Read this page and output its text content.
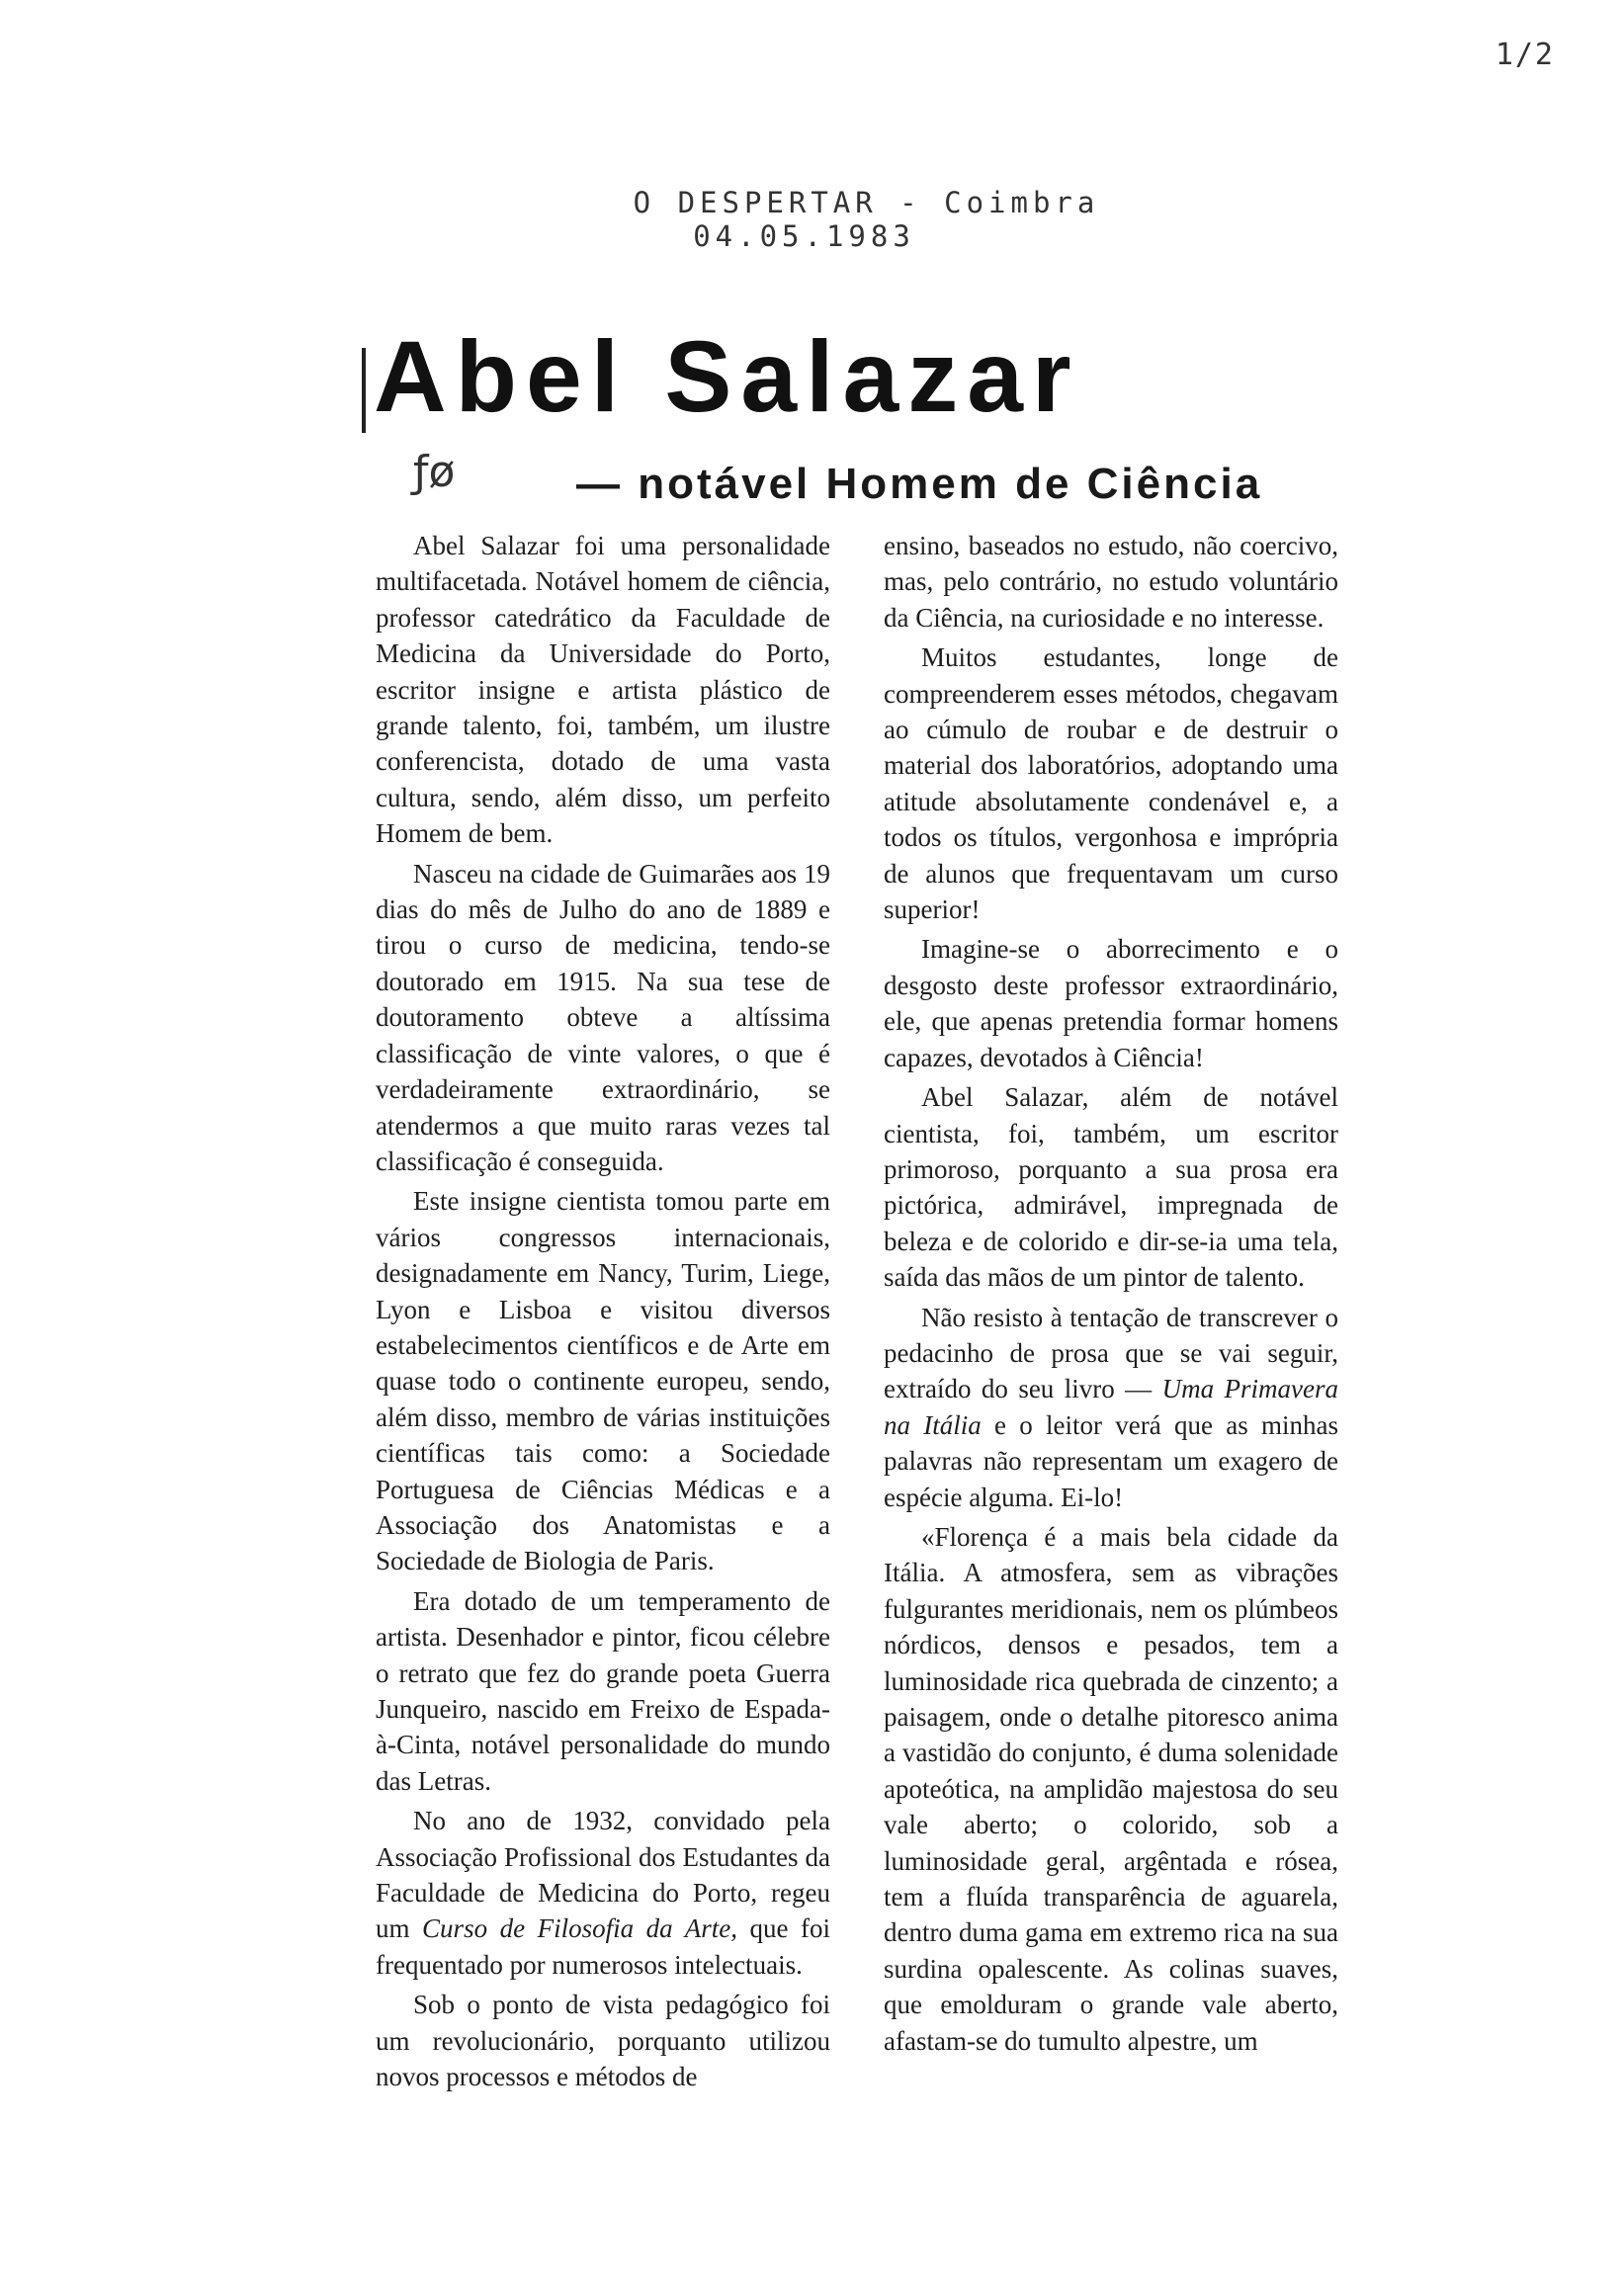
1/2
O DESPERTAR - Coimbra
04.05.1983
Abel Salazar
ƒø	— notável Homem de Ciência

Abel Salazar foi uma personalidade multifacetada. Notável homem de ciência, professor catedrático da Faculdade de Medicina da Universidade do Porto, escritor insigne e artista plástico de grande talento, foi, também, um ilustre conferencista, dotado de uma vasta cultura, sendo, além disso, um perfeito Homem de bem.

Nasceu na cidade de Guimarães aos 19 dias do mês de Julho do ano de 1889 e tirou o curso de medicina, tendo-se doutorado em 1915. Na sua tese de doutoramento obteve a altíssima classificação de vinte valores, o que é verdadeiramente extraordinário, se atendermos a que muito raras vezes tal classificação é conseguida.

Este insigne cientista tomou parte em vários congressos internacionais, designadamente em Nancy, Turim, Liege, Lyon e Lisboa e visitou diversos estabelecimentos científicos e de Arte em quase todo o continente europeu, sendo, além disso, membro de várias instituições científicas tais como: a Sociedade Portuguesa de Ciências Médicas e a Associação dos Anatomistas e a Sociedade de Biologia de Paris.

Era dotado de um temperamento de artista. Desenhador e pintor, ficou célebre o retrato que fez do grande poeta Guerra Junqueiro, nascido em Freixo de Espada-à-Cinta, notável personalidade do mundo das Letras.

No ano de 1932, convidado pela Associação Profissional dos Estudantes da Faculdade de Medicina do Porto, regeu um Curso de Filosofia da Arte, que foi frequentado por numerosos intelectuais.

Sob o ponto de vista pedagógico foi um revolucionário, porquanto utilizou novos processos e métodos de

ensino, baseados no estudo, não coercivo, mas, pelo contrário, no estudo voluntário da Ciência, na curiosidade e no interesse.

Muitos estudantes, longe de compreenderem esses métodos, chegavam ao cúmulo de roubar e de destruir o material dos laboratórios, adoptando uma atitude absolutamente condenável e, a todos os títulos, vergonhosa e imprópria de alunos que frequentavam um curso superior!

Imagine-se o aborrecimento e o desgosto deste professor extraordinário, ele, que apenas pretendia formar homens capazes, devotados à Ciência!

Abel Salazar, além de notável cientista, foi, também, um escritor primoroso, porquanto a sua prosa era pictórica, admirável, impregnada de beleza e de colorido e dir-se-ia uma tela, saída das mãos de um pintor de talento.

Não resisto à tentação de transcrever o pedacinho de prosa que se vai seguir, extraído do seu livro — Uma Primavera na Itália e o leitor verá que as minhas palavras não representam um exagero de espécie alguma. Ei-lo!

«Florença é a mais bela cidade da Itália. A atmosfera, sem as vibrações fulgurantes meridionais, nem os plúmbeos nórdicos, densos e pesados, tem a luminosidade rica quebrada de cinzento; a paisagem, onde o detalhe pitoresco anima a vastidão do conjunto, é duma solenidade apoteótica, na amplidão majestosa do seu vale aberto; o colorido, sob a luminosidade geral, argêntada e rósea, tem a fluída transparência de aguarela, dentro duma gama em extremo rica na sua surdina opalescente. As colinas suaves, que emolduram o grande vale aberto, afastam-se do tumulto alpestre, um
